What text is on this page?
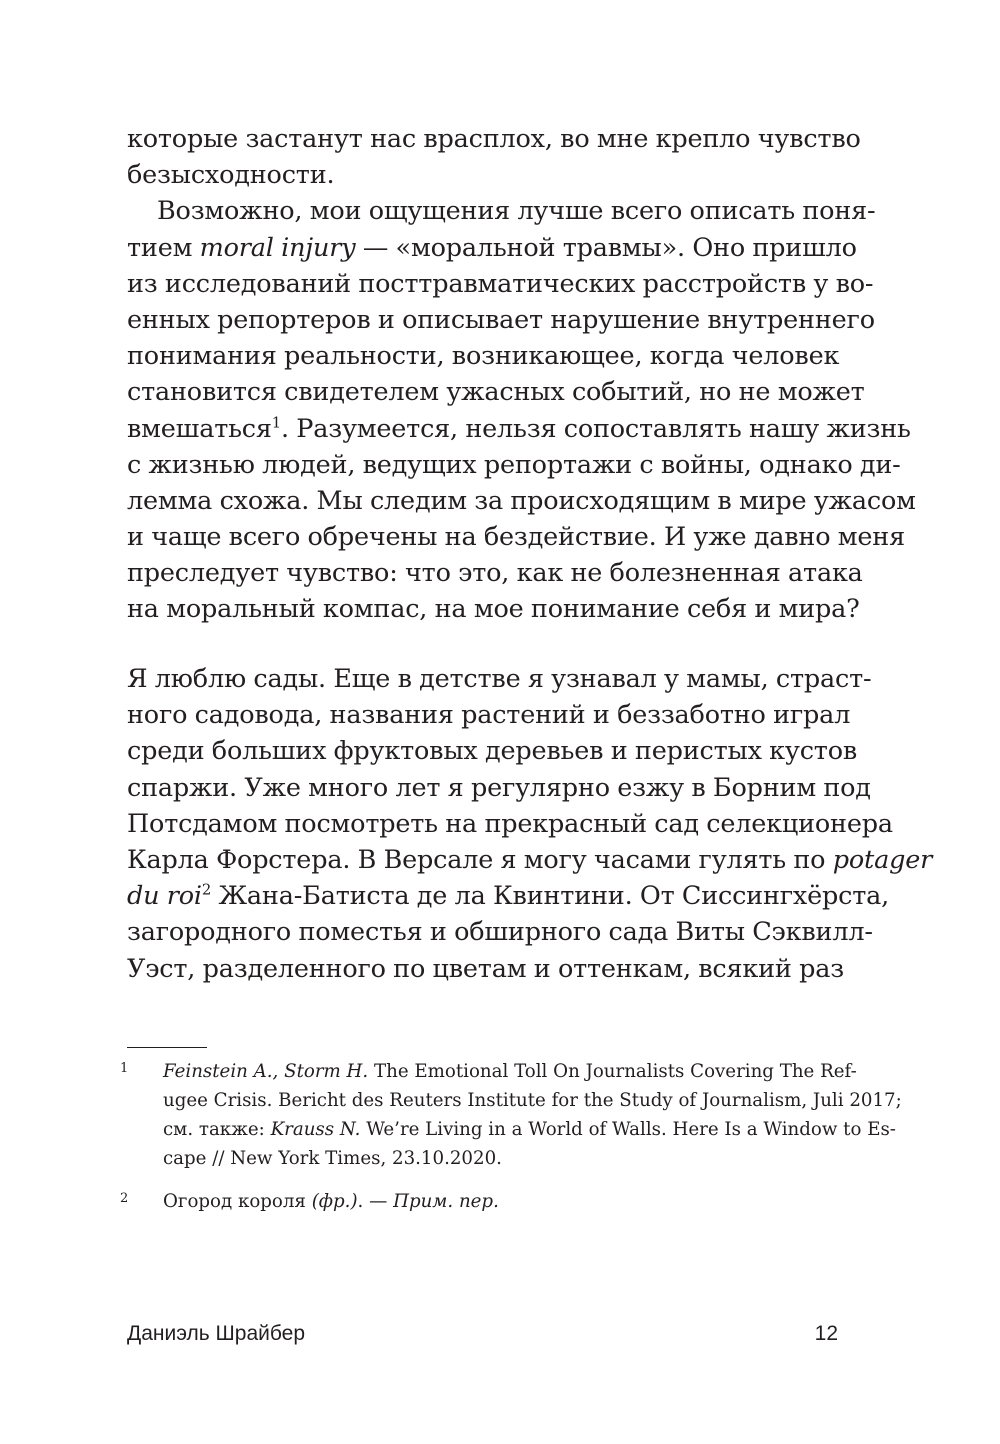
которые застанут нас врасплох, во мне крепло чувство
безысходности.
Возможно, мои ощущения лучше всего описать поня-
тием moral injury — «моральной травмы». Оно пришло
из исследований посттравматических расстройств у во-
енных репортеров и описывает нарушение внутреннего
понимания реальности, возникающее, когда человек
становится свидетелем ужасных событий, но не может
вмешаться$^1$. Разумеется, нельзя сопоставлять нашу жизнь
с жизнью людей, ведущих репортажи с войны, однако ди-
лемма схожа. Мы следим за происходящим в мире ужасом
и чаще всего обречены на бездействие. И уже давно меня
преследует чувство: что это, как не болезненная атака
на моральный компас, на мое понимание себя и мира?
Я люблю сады. Еще в детстве я узнавал у мамы, страст-
ного садовода, названия растений и беззаботно играл
среди больших фруктовых деревьев и перистых кустов
спаржи. Уже много лет я регулярно езжу в Борним под
Потсдамом посмотреть на прекрасный сад селекционера
Карла Форстера. В Версале я могу часами гулять по potager
du roi$^2$ Жана-Батиста де ла Квинтини. От Сиссингхёрста,
загородного поместья и обширного сада Виты Сэквилл-
Уэст, разделенного по цветам и оттенкам, всякий раз
1 Feinstein A., Storm H. The Emotional Toll On Journalists Covering The Ref-
ugee Crisis. Bericht des Reuters Institute for the Study of Journalism, Juli 2017;
см. также: Krauss N. We’re Living in a World of Walls. Here Is a Window to Es-
cape // New York Times, 23.10.2020.
2 Огород короля (фр.). — Прим. пер.
Даниэль Шрайбер	12
